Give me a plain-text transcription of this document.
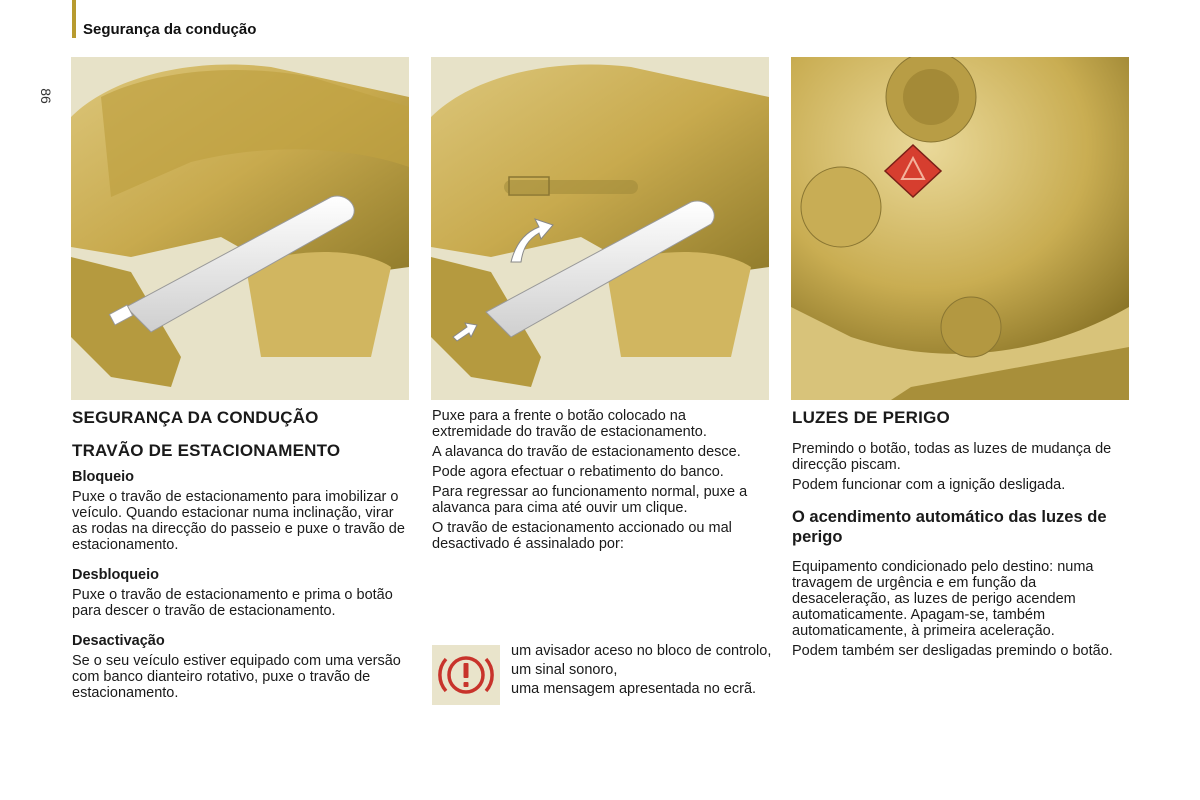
Segurança da condução
86
SEGURANÇA DA CONDUÇÃO
TRAVÃO DE ESTACIONAMENTO
Bloqueio

Puxe o travão de estacionamento para imobilizar o veículo. Quando estacionar numa inclinação, virar as rodas na direcção do passeio e puxe o travão de estacionamento.

Desbloqueio

Puxe o travão de estacionamento e prima o botão para descer o travão de estacionamento.

Desactivação

Se o seu veículo estiver equipado com uma versão com banco dianteiro rotativo, puxe o travão de estacionamento.

Puxe para a frente o botão colocado na extremidade do travão de estacionamento.

A alavanca do travão de estacionamento desce.

Pode agora efectuar o rebatimento do banco.

Para regressar ao funcionamento normal, puxe a alavanca para cima até ouvir um clique.

O travão de estacionamento accionado ou mal desactivado é assinalado por:

um avisador aceso no bloco de controlo,

um sinal sonoro,

uma mensagem apresentada no ecrã.

LUZES DE PERIGO

Premindo o botão, todas as luzes de mudança de direcção piscam.

Podem funcionar com a ignição desligada.

O acendimento automático das luzes de perigo

Equipamento condicionado pelo destino: numa travagem de urgência e em função da desaceleração, as luzes de perigo acendem automaticamente. Apagam-se, também automaticamente, à primeira aceleração.

Podem também ser desligadas premindo o botão.
